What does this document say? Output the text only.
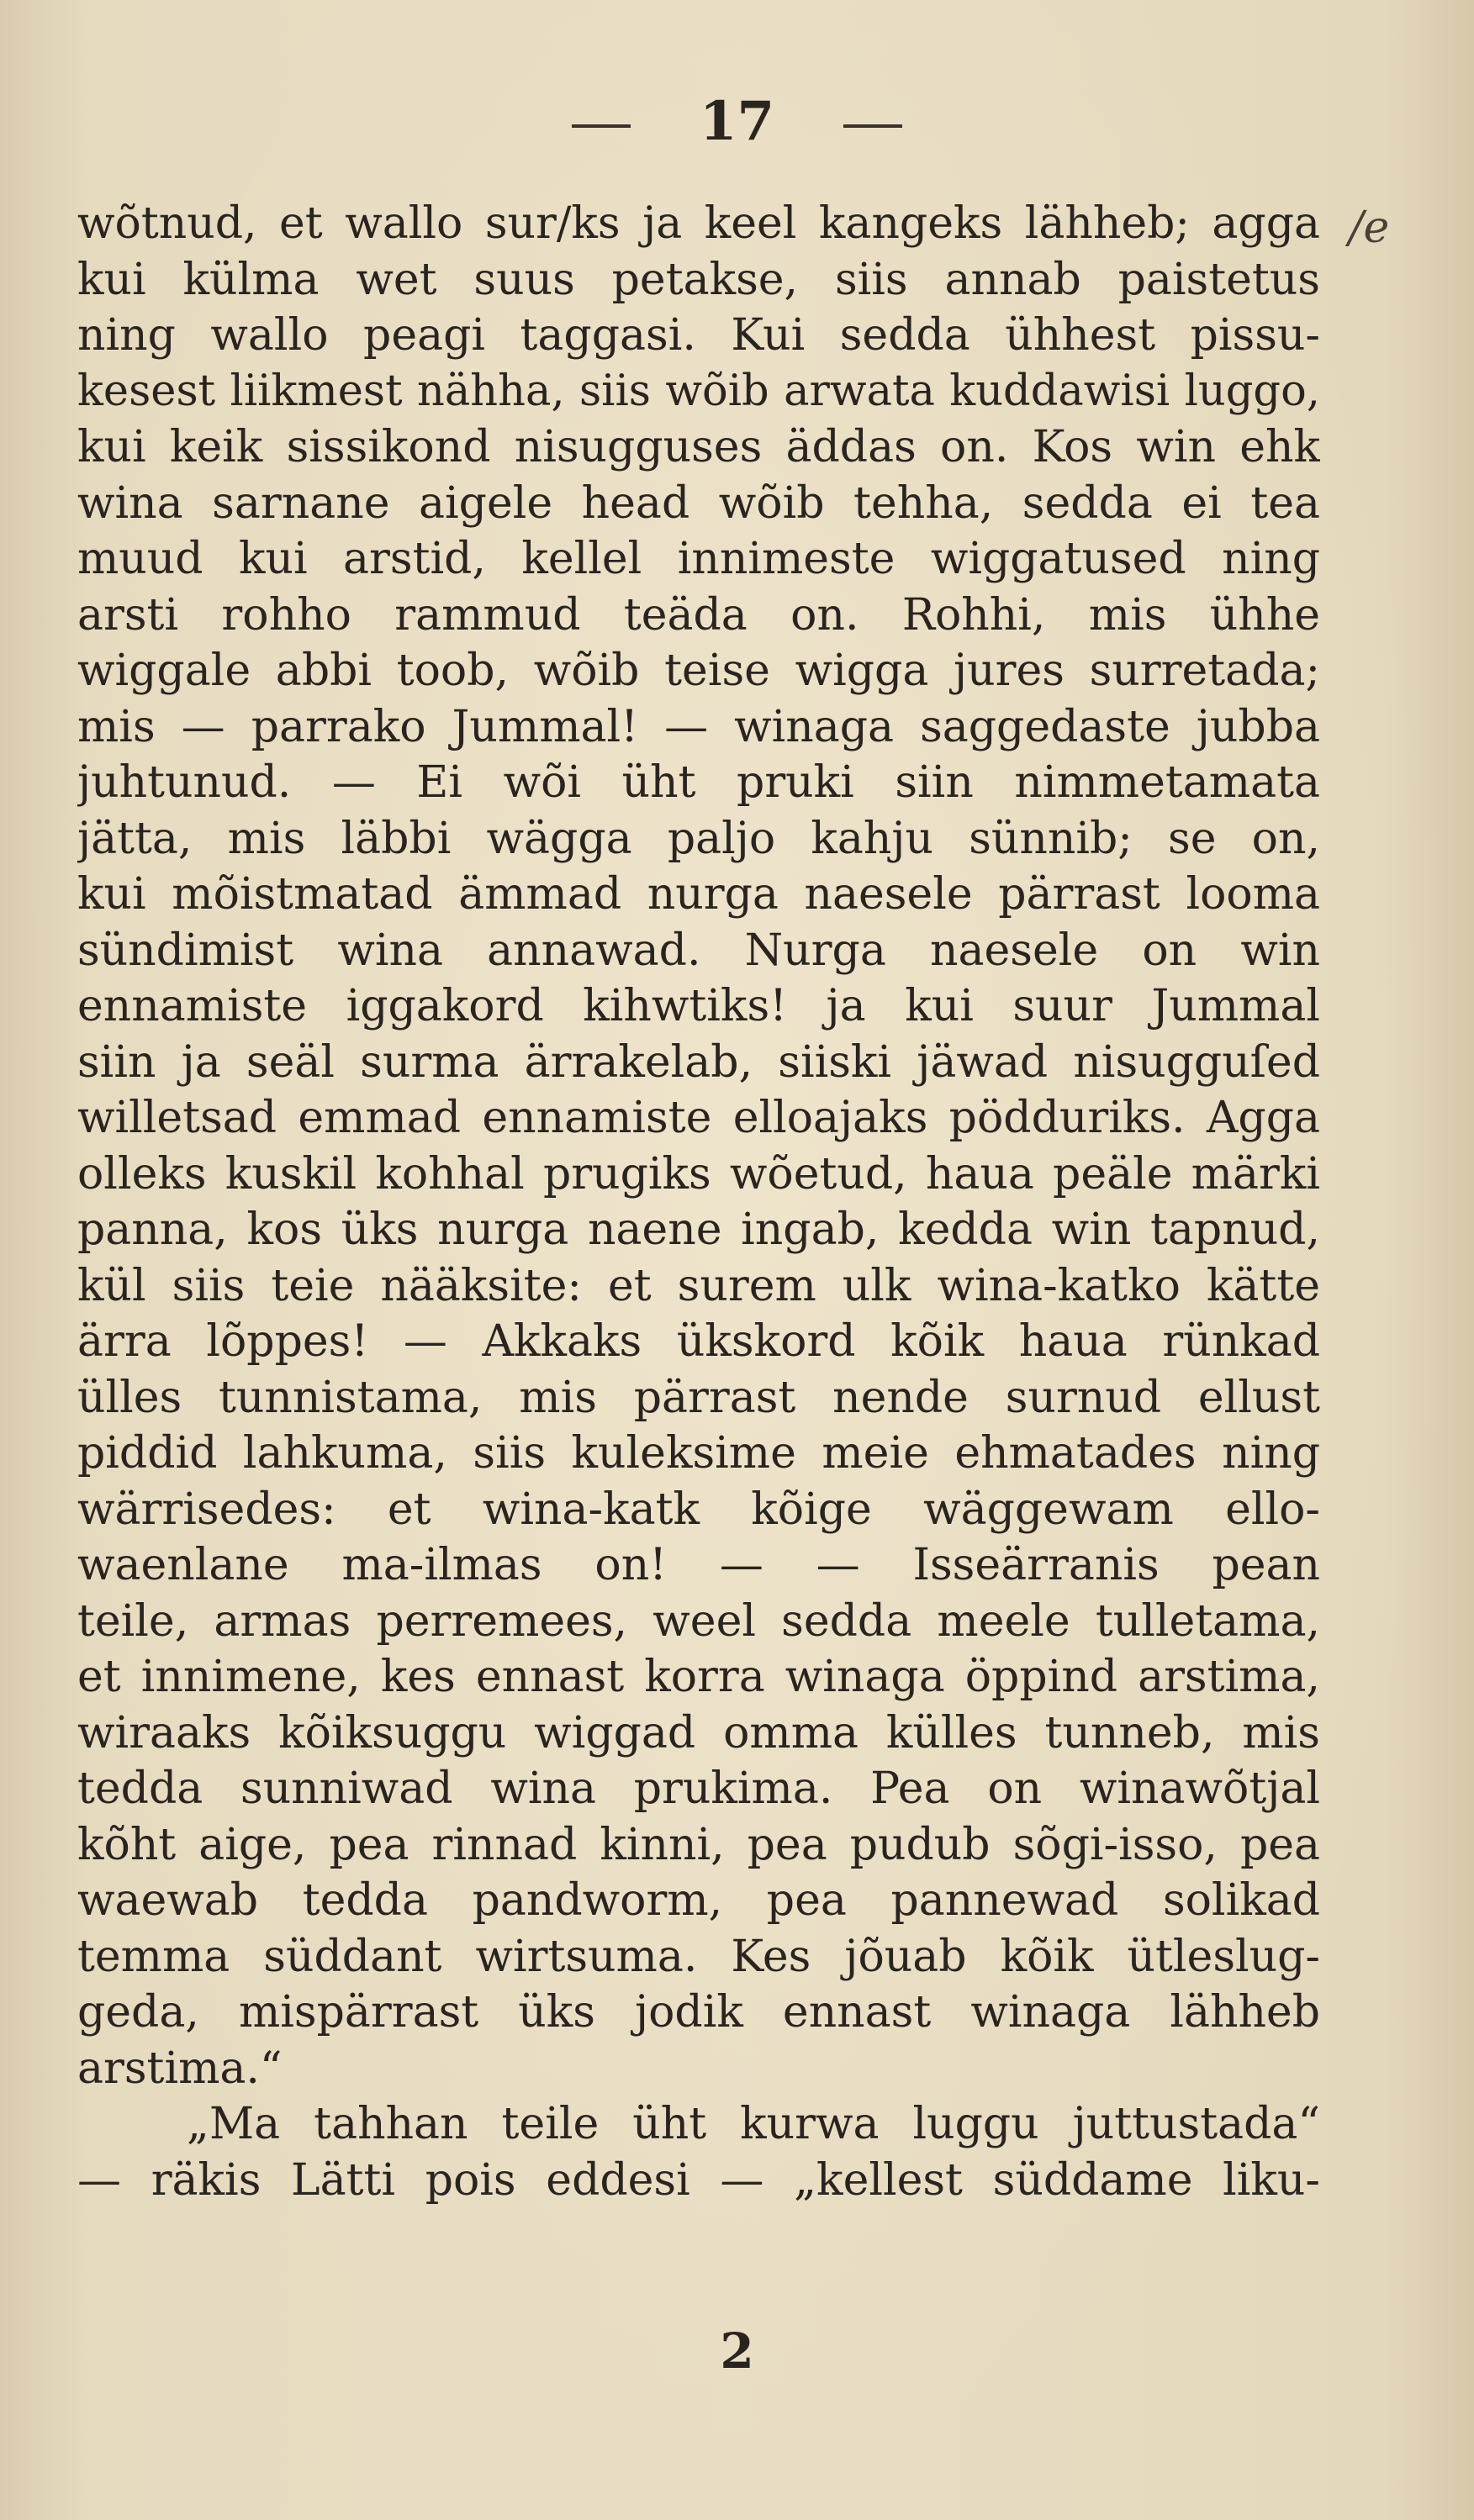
17
/e
wõtnud, et wallo sur/ks ja keel kangeks lähheb; agga
kui külma wet suus petakse, siis annab paistetus
ning wallo peagi taggasi. Kui sedda ühhest pissu-
kesest liikmest nähha, siis wõib arwata kuddawisi luggo,
kui keik sissikond nisugguses äddas on. Kos win ehk
wina sarnane aigele head wõib tehha, sedda ei tea
muud kui arstid, kellel innimeste wiggatused ning
arsti rohho rammud teäda on. Rohhi, mis ühhe
wiggale abbi toob, wõib teise wigga jures surretada;
mis — parrako Jummal! — winaga saggedaste jubba
juhtunud. — Ei wõi üht pruki siin nimmetamata
jätta, mis läbbi wägga paljo kahju sünnib; se on,
kui mõistmatad ämmad nurga naesele pärrast looma
sündimist wina annawad. Nurga naesele on win
ennamiste iggakord kihwtiks! ja kui suur Jummal
siin ja seäl surma ärrakelab, siiski jäwad nisugguſed
willetsad emmad ennamiste elloajaks pödduriks. Agga
olleks kuskil kohhal prugiks wõetud, haua peäle märki
panna, kos üks nurga naene ingab, kedda win tapnud,
kül siis teie nääksite: et surem ulk wina-katko kätte
ärra lõppes! — Akkaks ükskord kõik haua rünkad
ülles tunnistama, mis pärrast nende surnud ellust
piddid lahkuma, siis kuleksime meie ehmatades ning
wärrisedes: et wina-katk kõige wäggewam ello-
waenlane ma-ilmas on! — — Isseärranis pean
teile, armas perremees, weel sedda meele tulletama,
et innimene, kes ennast korra winaga öppind arstima,
wiraaks kõiksuggu wiggad omma külles tunneb, mis
tedda sunniwad wina prukima. Pea on winawõtjal
kõht aige, pea rinnad kinni, pea pudub sõgi-isso, pea
waewab tedda pandworm, pea pannewad solikad
temma süddant wirtsuma. Kes jõuab kõik ütleslug-
geda, mispärrast üks jodik ennast winaga lähheb
arstima.“
„Ma tahhan teile üht kurwa luggu juttustada“
— räkis Lätti pois eddesi — „kellest süddame liku-
2
